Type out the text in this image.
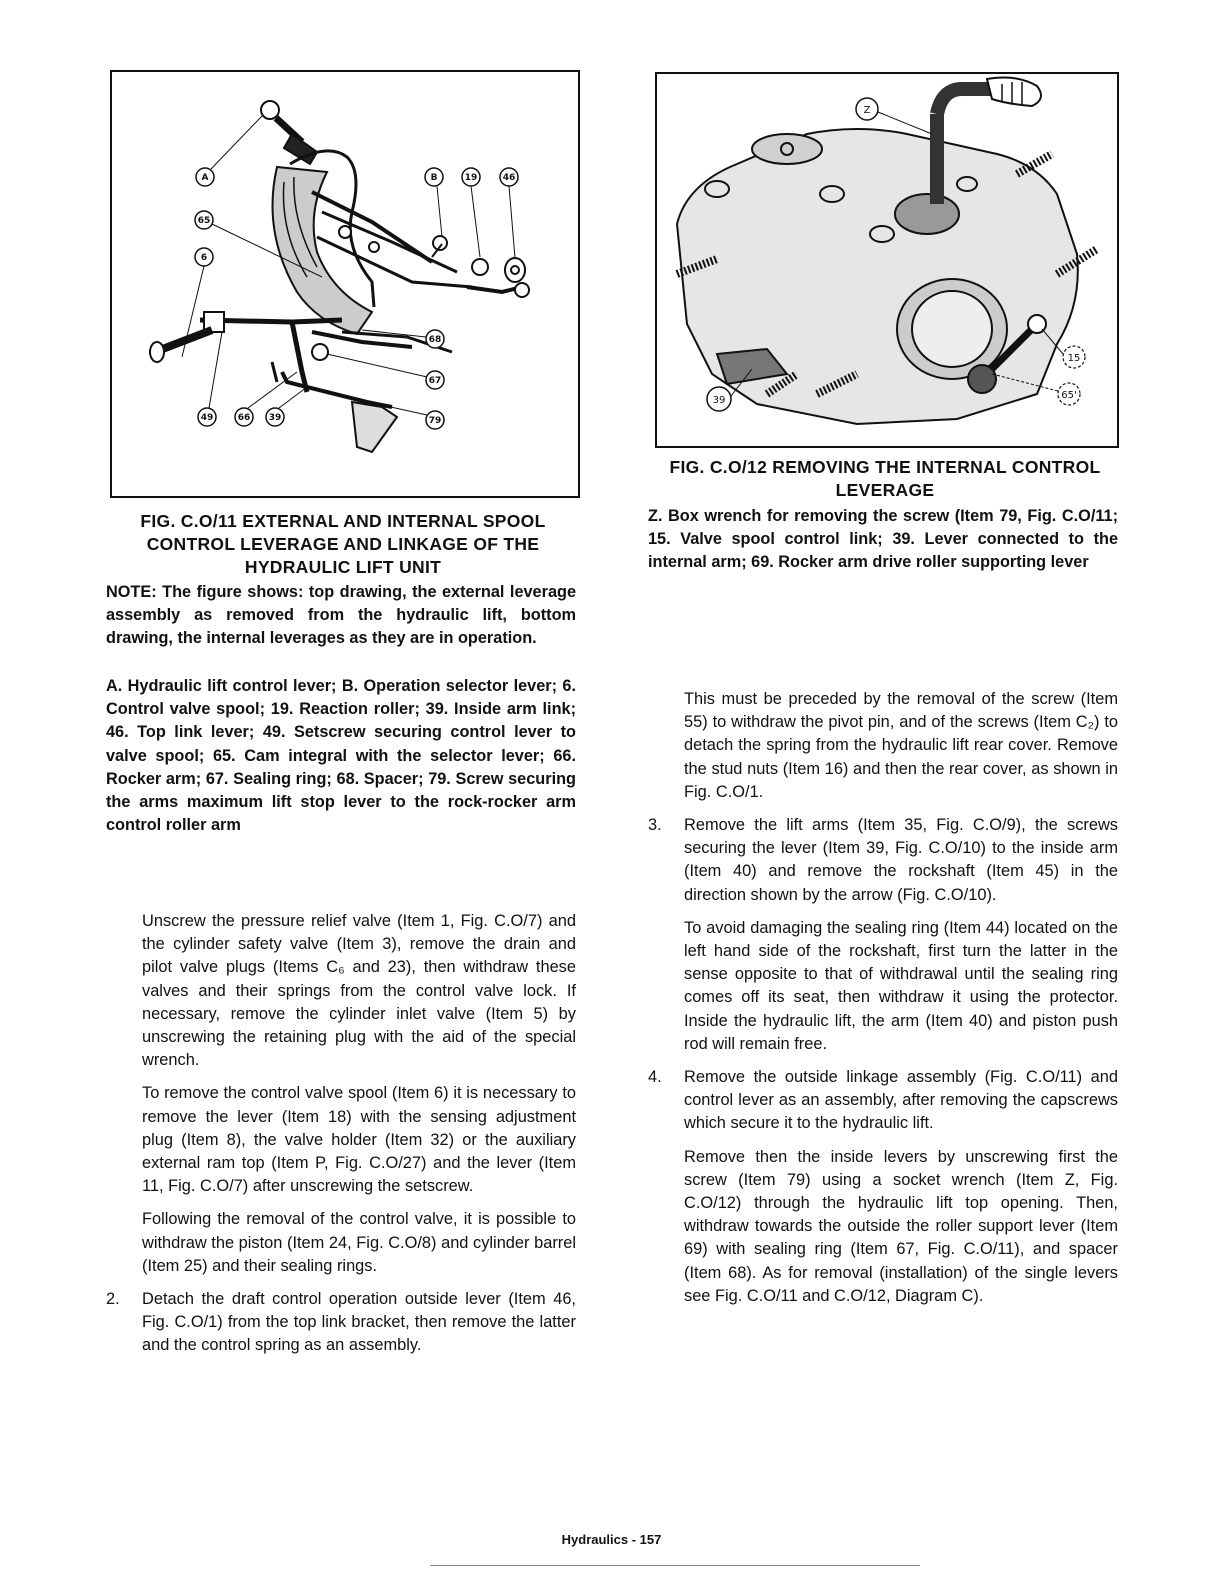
A
65
6
B	19	46
68
67
79
49	66 39
Z
15
65'
39
FIG. C.O/11 EXTERNAL AND INTERNAL SPOOL CONTROL LEVERAGE AND LINKAGE OF THE HYDRAULIC LIFT UNIT
NOTE: The figure shows: top drawing, the external leverage assembly as removed from the hydraulic lift, bottom drawing, the internal leverages as they are in operation.
A. Hydraulic lift control lever; B. Operation selector lever; 6. Control valve spool; 19. Reaction roller; 39. Inside arm link; 46. Top link lever; 49. Setscrew securing control lever to valve spool; 65. Cam integral with the selector lever; 66. Rocker arm; 67. Sealing ring; 68. Spacer; 79. Screw securing the arms maximum lift stop lever to the rock-rocker arm control roller arm
FIG. C.O/12 REMOVING THE INTERNAL CONTROL LEVERAGE
Z. Box wrench for removing the screw (Item 79, Fig. C.O/11; 15. Valve spool control link; 39. Lever connected to the internal arm; 69. Rocker arm drive roller supporting lever

Unscrew the pressure relief valve (Item 1, Fig. C.O/7) and the cylinder safety valve (Item 3), remove the drain and pilot valve plugs (Items C₆ and 23), then withdraw these valves and their springs from the control valve lock. If necessary, remove the cylinder inlet valve (Item 5) by unscrewing the retaining plug with the aid of the special wrench.

To remove the control valve spool (Item 6) it is necessary to remove the lever (Item 18) with the sensing adjustment plug (Item 8), the valve holder (Item 32) or the auxiliary external ram top (Item P, Fig. C.O/27) and the lever (Item 11, Fig. C.O/7) after unscrewing the setscrew.

Following the removal of the control valve, it is possible to withdraw the piston (Item 24, Fig. C.O/8) and cylinder barrel (Item 25) and their sealing rings.

2. Detach the draft control operation outside lever (Item 46, Fig. C.O/1) from the top link bracket, then remove the latter and the control spring as an assembly.

This must be preceded by the removal of the screw (Item 55) to withdraw the pivot pin, and of the screws (Item C₂) to detach the spring from the hydraulic lift rear cover. Remove the stud nuts (Item 16) and then the rear cover, as shown in Fig. C.O/1.

3. Remove the lift arms (Item 35, Fig. C.O/9), the screws securing the lever (Item 39, Fig. C.O/10) to the inside arm (Item 40) and remove the rockshaft (Item 45) in the direction shown by the arrow (Fig. C.O/10).

To avoid damaging the sealing ring (Item 44) located on the left hand side of the rockshaft, first turn the latter in the sense opposite to that of withdrawal until the sealing ring comes off its seat, then withdraw it using the protector. Inside the hydraulic lift, the arm (Item 40) and piston push rod will remain free.

4. Remove the outside linkage assembly (Fig. C.O/11) and control lever as an assembly, after removing the capscrews which secure it to the hydraulic lift.

Remove then the inside levers by unscrewing first the screw (Item 79) using a socket wrench (Item Z, Fig. C.O/12) through the hydraulic lift top opening. Then, withdraw towards the outside the roller support lever (Item 69) with sealing ring (Item 67, Fig. C.O/11), and spacer (Item 68). As for removal (installation) of the single levers see Fig. C.O/11 and C.O/12, Diagram C).

Hydraulics - 157
